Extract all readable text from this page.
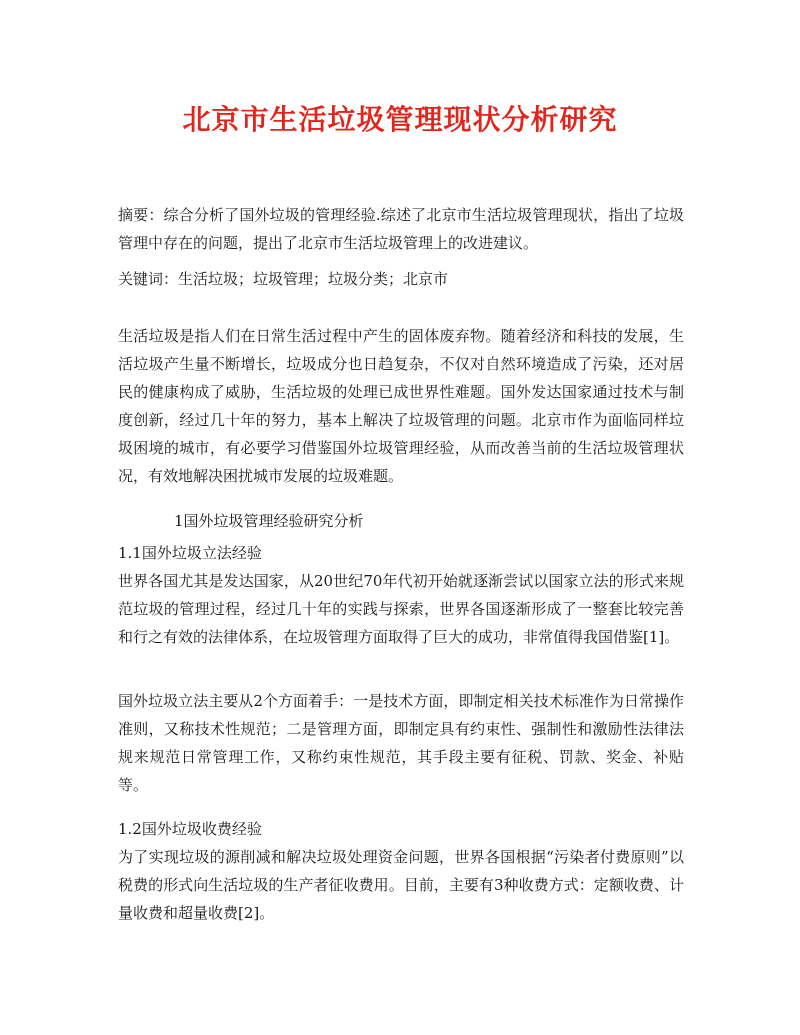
北京市生活垃圾管理现状分析研究

摘要：综合分析了国外垃圾的管理经验.综述了北京市生活垃圾管理现状，指出了垃圾管理中存在的问题，提出了北京市生活垃圾管理上的改进建议。

关键词：生活垃圾；垃圾管理；垃圾分类；北京市

生活垃圾是指人们在日常生活过程中产生的固体废弃物。随着经济和科技的发展，生活垃圾产生量不断增长，垃圾成分也日趋复杂，不仅对自然环境造成了污染，还对居民的健康构成了威胁，生活垃圾的处理已成世界性难题。国外发达国家通过技术与制度创新，经过几十年的努力，基本上解决了垃圾管理的问题。北京市作为面临同样垃圾困境的城市，有必要学习借鉴国外垃圾管理经验，从而改善当前的生活垃圾管理状况，有效地解决困扰城市发展的垃圾难题。

1国外垃圾管理经验研究分析

1.1国外垃圾立法经验

世界各国尤其是发达国家，从20世纪70年代初开始就逐渐尝试以国家立法的形式来规范垃圾的管理过程，经过几十年的实践与探索，世界各国逐渐形成了一整套比较完善和行之有效的法律体系，在垃圾管理方面取得了巨大的成功，非常值得我国借鉴[1]。

国外垃圾立法主要从2个方面着手：一是技术方面，即制定相关技术标准作为日常操作准则，又称技术性规范；二是管理方面，即制定具有约束性、强制性和激励性法律法规来规范日常管理工作，又称约束性规范，其手段主要有征税、罚款、奖金、补贴等。

1.2国外垃圾收费经验

为了实现垃圾的源削减和解决垃圾处理资金问题，世界各国根据“污染者付费原则”以税费的形式向生活垃圾的生产者征收费用。目前，主要有3种收费方式：定额收费、计量收费和超量收费[2]。
